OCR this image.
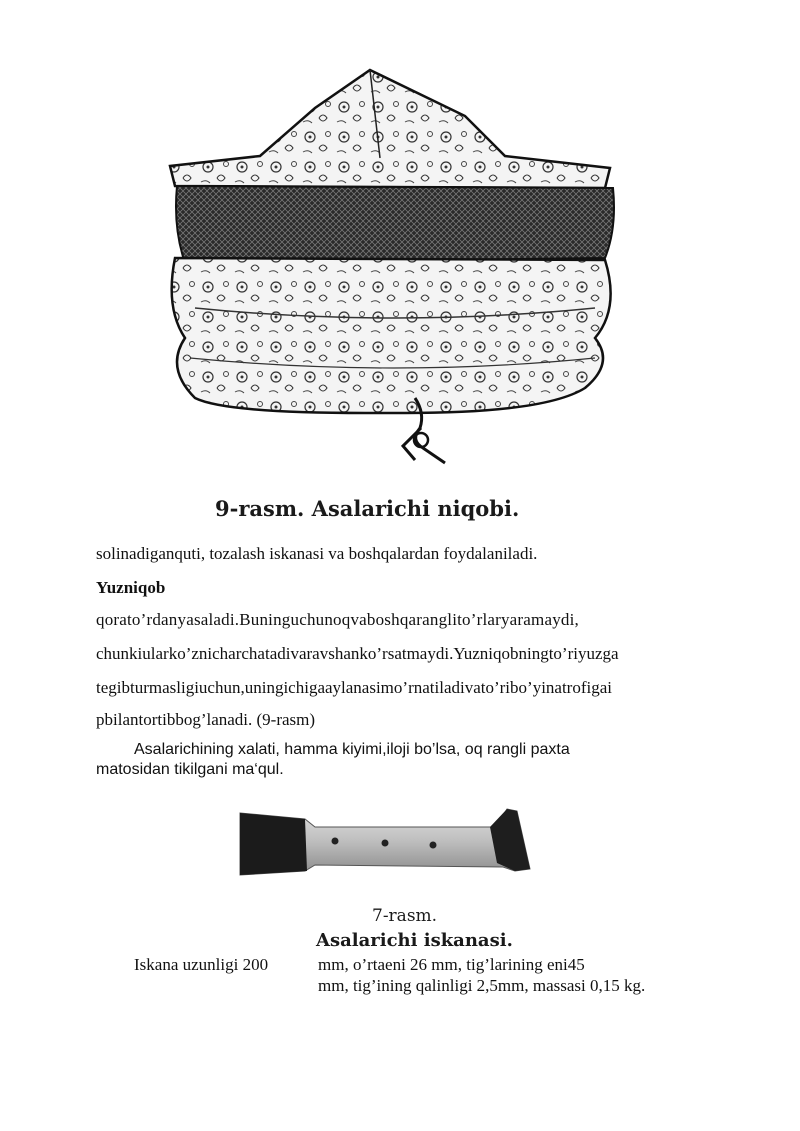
9-rasm. Asalarichi niqobi.
solinadiganquti, tozalash iskanasi va boshqalardan foydalaniladi.
Yuzniqob
qorato’rdanyasaladi.Buninguchunoqvaboshqaranglito’rlaryaramaydi,
chunkiularko’znicharchatadivaravshanko’rsatmaydi.Yuzniqobningto’riyuzga
tegibturmasligiuchun,uningichigaaylanasimo’rnatiladivato’ribo’yinatrofigai
pbilantortibbog’lanadi. (9-rasm)
Asalarichining xalati, hamma kiyimi,iloji bo’lsa, oq rangli paxta
matosidan tikilgani ma‘qul.
7-rasm.
Asalarichi iskanasi.
Iskana uzunligi 200	mm, o’rtaeni 26 mm, tig’larining eni45
mm, tig’ining qalinligi 2,5mm, massasi 0,15 kg.
